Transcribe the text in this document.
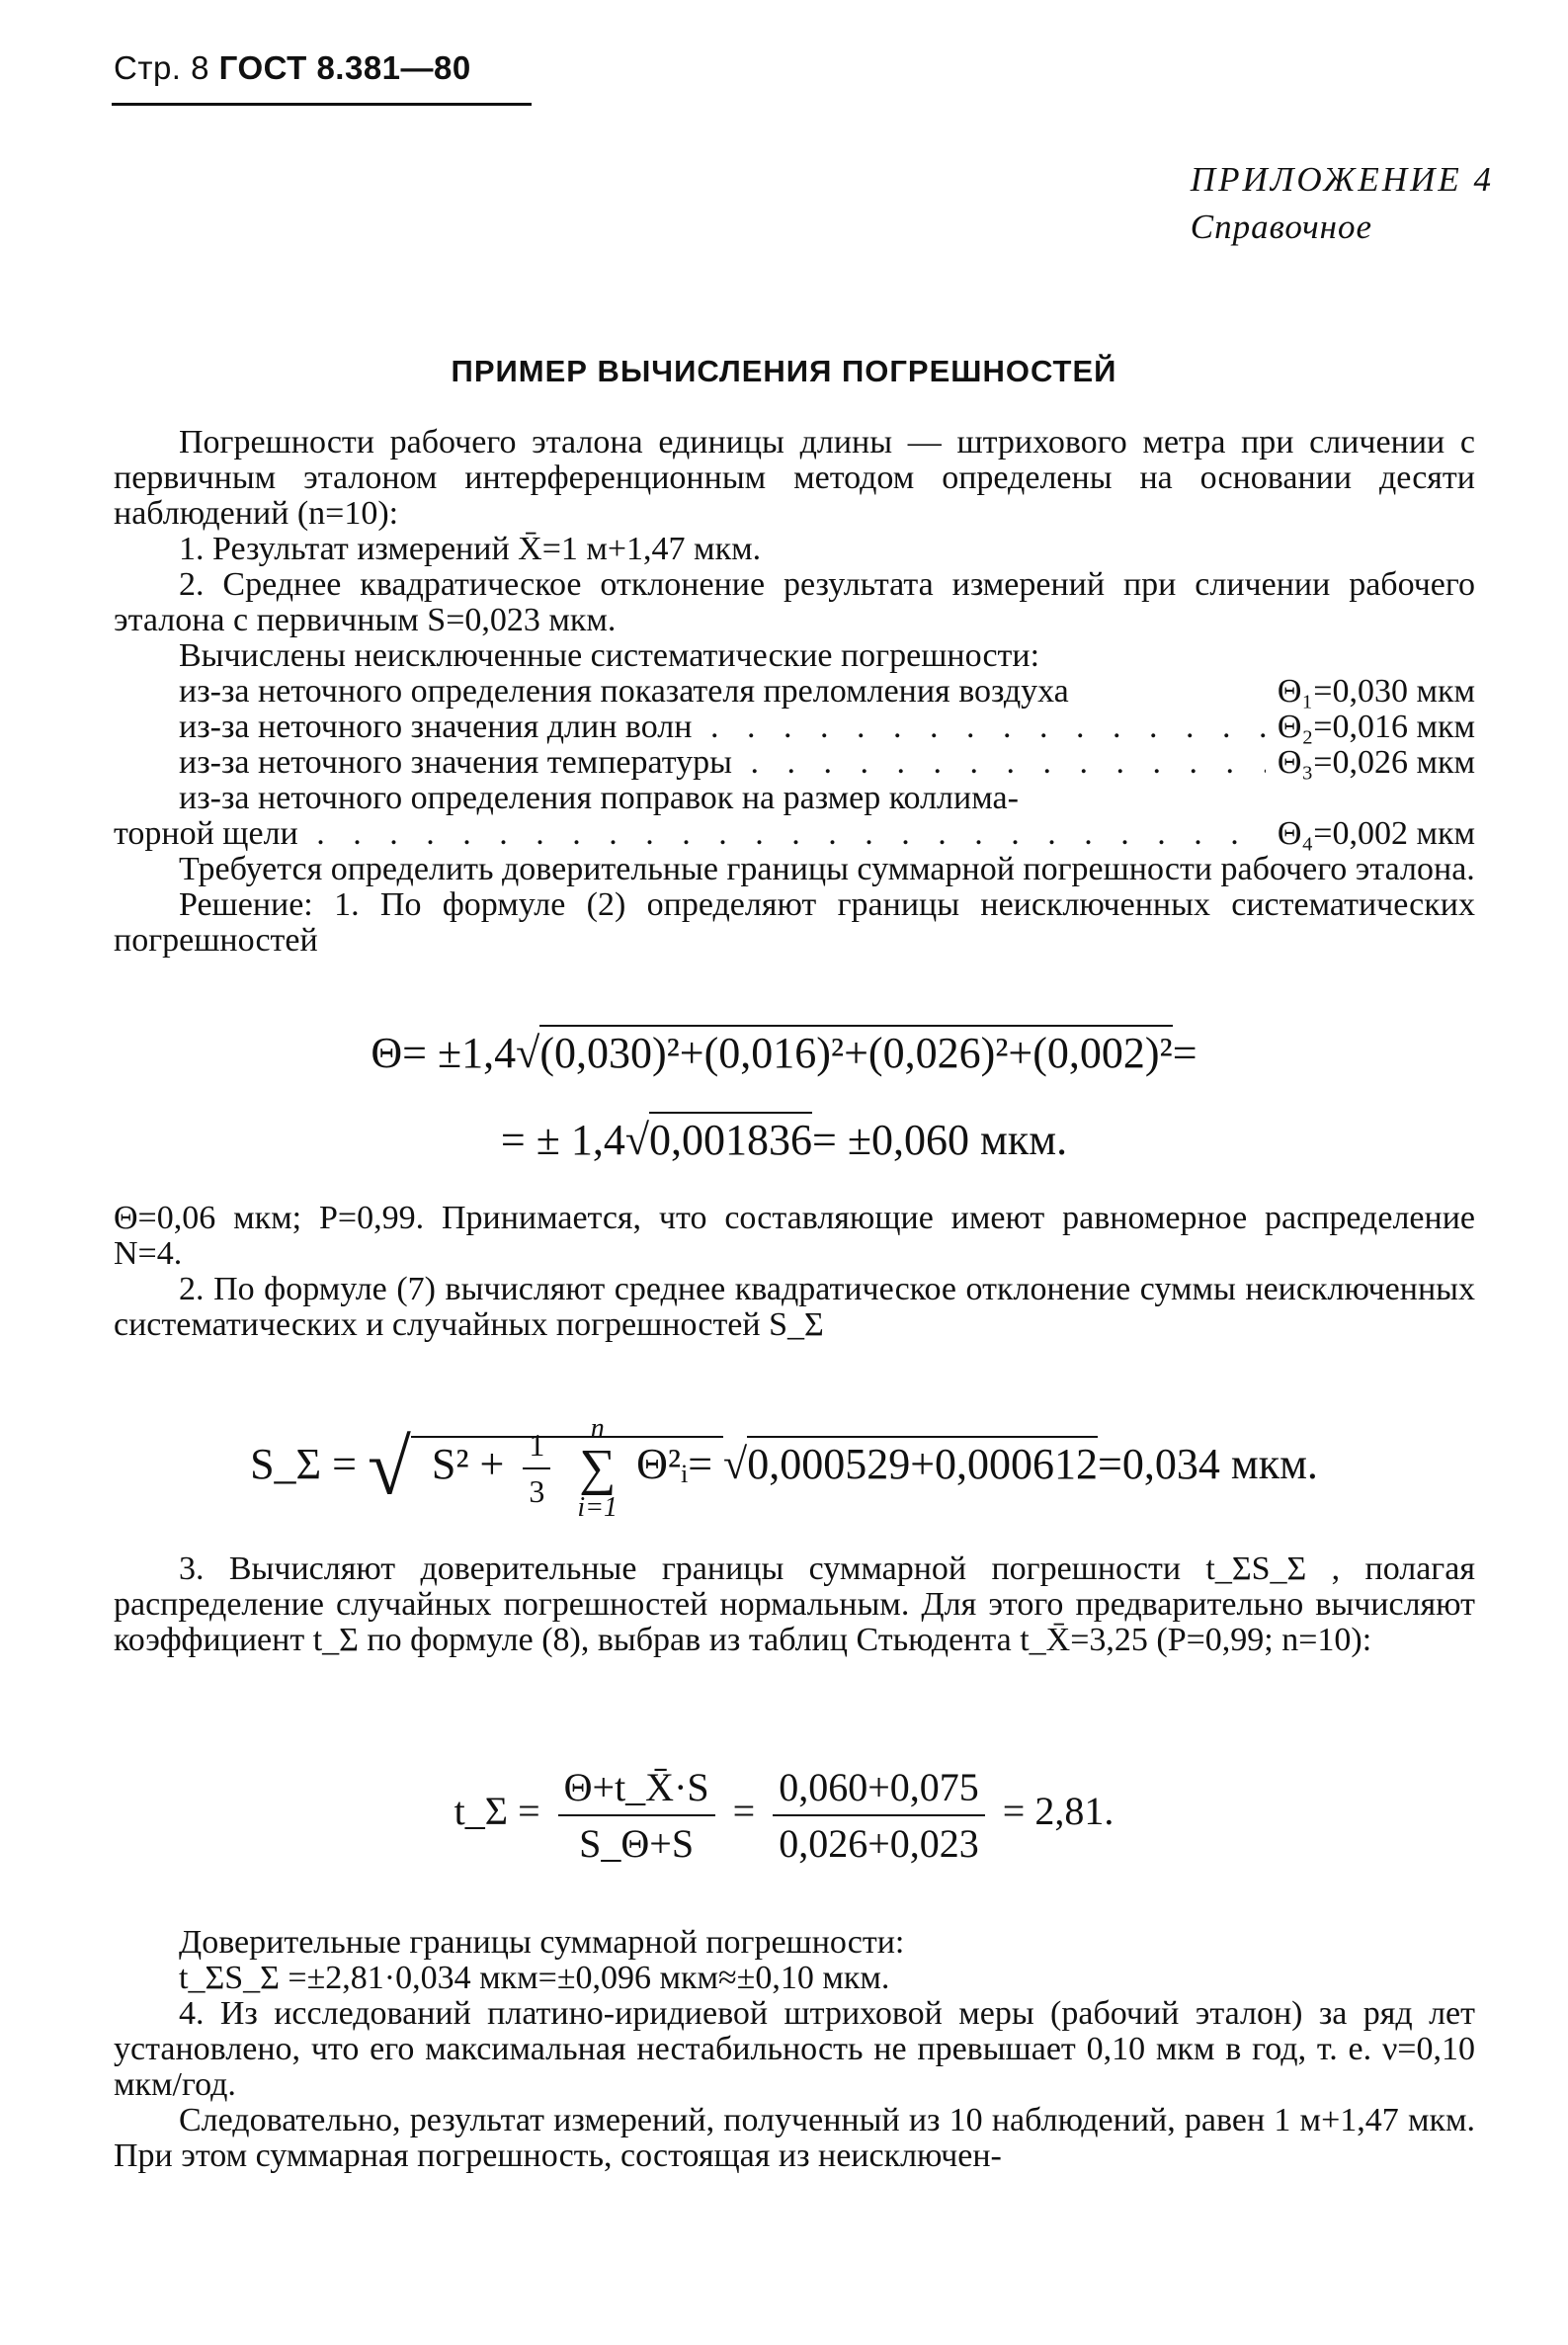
Стр. 8 ГОСТ 8.381—80
ПРИЛОЖЕНИЕ 4
Справочное
ПРИМЕР ВЫЧИСЛЕНИЯ ПОГРЕШНОСТЕЙ

Погрешности рабочего эталона единицы длины — штрихового метра при сличении с первичным эталоном интерференционным методом определены на основании десяти наблюдений (n=10):

1. Результат измерений X̄=1 м+1,47 мкм.

2. Среднее квадратическое отклонение результата измерений при сличении рабочего эталона с первичным S=0,023 мкм.

Вычислены неисключенные систематические погрешности:

из-за неточного определения показателя преломления воздуха	Θ₁=0,030 мкм
из-за неточного значения длин волн . . .	Θ₂=0,016 мкм
из-за неточного значения температуры . . .	Θ₃=0,026 мкм

из-за неточного определения поправок на размер коллима-

торной щели . . .	Θ₄=0,002 мкм

Требуется определить доверительные границы суммарной погрешности рабочего эталона.

Решение: 1. По формуле (2) определяют границы неисключенных систематических погрешностей

Θ= ±1,4√(0,030)²+(0,016)²+(0,026)²+(0,002)²=
= ± 1,4√0,001836= ±0,060 мкм.

Θ=0,06 мкм; P=0,99. Принимается, что составляющие имеют равномерное распределение N=4.

2. По формуле (7) вычисляют среднее квадратическое отклонение суммы неисключенных систематических и случайных погрешностей S_Σ

S_Σ = √ $S^2 + \frac{1}{3}$
	n
∑
i=1
Θ²ᵢ= √0,000529+0,000612=0,034 мкм.

3. Вычисляют доверительные границы суммарной погрешности t_ΣS_Σ , полагая распределение случайных погрешностей нормальным. Для этого предварительно вычисляют коэффициент t_Σ по формуле (8), выбрав из таблиц Стьюдента t_X̄=3,25 (P=0,99; n=10):

t_Σ = $\frac{\Theta+t\_X̄\cdot S}{S\_\Theta+S} = \frac{0,060+0,075}{0,026+0,023} = 2,81$.

Доверительные границы суммарной погрешности:

t_ΣS_Σ =±2,81·0,034 мкм=±0,096 мкм≈±0,10 мкм.

4. Из исследований платино-иридиевой штриховой меры (рабочий эталон) за ряд лет установлено, что его максимальная нестабильность не превышает 0,10 мкм в год, т. е. ν=0,10 мкм/год.

Следовательно, результат измерений, полученный из 10 наблюдений, равен 1 м+1,47 мкм. При этом суммарная погрешность, состоящая из неисключен-
